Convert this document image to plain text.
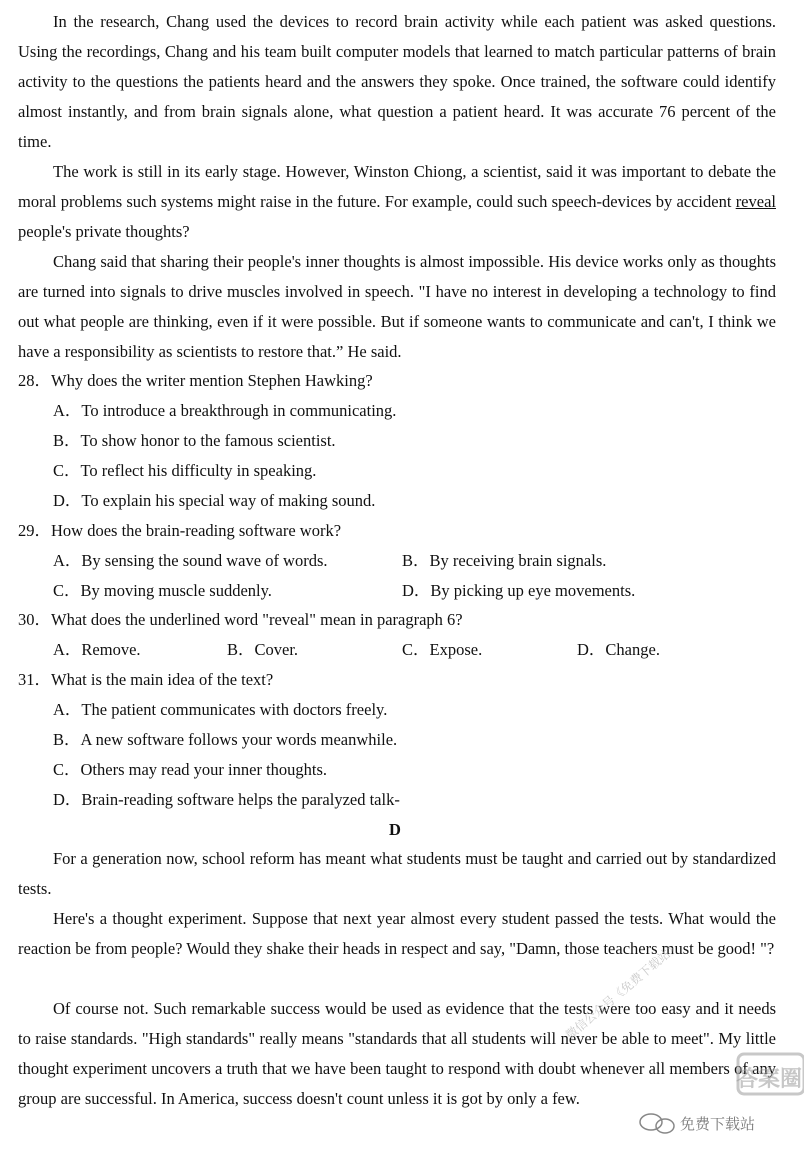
In the research, Chang used the devices to record brain activity while each patient was asked questions. Using the recordings, Chang and his team built computer models that learned to match particular patterns of brain activity to the questions the patients heard and the answers they spoke. Once trained, the software could identify almost instantly, and from brain signals alone, what question a patient heard. It was accurate 76 percent of the time.

The work is still in its early stage. However, Winston Chiong, a scientist, said it was important to debate the moral problems such systems might raise in the future. For example, could such speech-devices by accident reveal people's private thoughts?

Chang said that sharing their people's inner thoughts is almost impossible. His device works only as thoughts are turned into signals to drive muscles involved in speech. "I have no interest in developing a technology to find out what people are thinking, even if it were possible. But if someone wants to communicate and can't, I think we have a responsibility as scientists to restore that.” He said.

28．Why does the writer mention Stephen Hawking?
A．To introduce a breakthrough in communicating.
B．To show honor to the famous scientist.
C．To reflect his difficulty in speaking.
D．To explain his special way of making sound.
29．How does the brain-reading software work?
A．By sensing the sound wave of words.	B．By receiving brain signals.
C．By moving muscle suddenly.	D．By picking up eye movements.
30．What does the underlined word "reveal" mean in paragraph 6?
A．Remove.	B．Cover.	C．Expose.	D．Change.
31．What is the main idea of the text?
A．The patient communicates with doctors freely.
B．A new software follows your words meanwhile.
C．Others may read your inner thoughts.
D．Brain-reading software helps the paralyzed talk-
D

For a generation now, school reform has meant what students must be taught and carried out by standardized tests.

Here's a thought experiment. Suppose that next year almost every student passed the tests. What would the reaction be from people? Would they shake their heads in respect and say, "Damn, those teachers must be good! "?

Of course not. Such remarkable success would be used as evidence that the tests were too easy and it needs to raise standards. "High standards" really means "standards that all students will never be able to meet". My little thought experiment uncovers a truth that we have been taught to respond with doubt whenever all members of any group are successful. In America, success doesn't count unless it is got by only a few.

微信公众号《免费下载站》
答案圈
免费下载站
